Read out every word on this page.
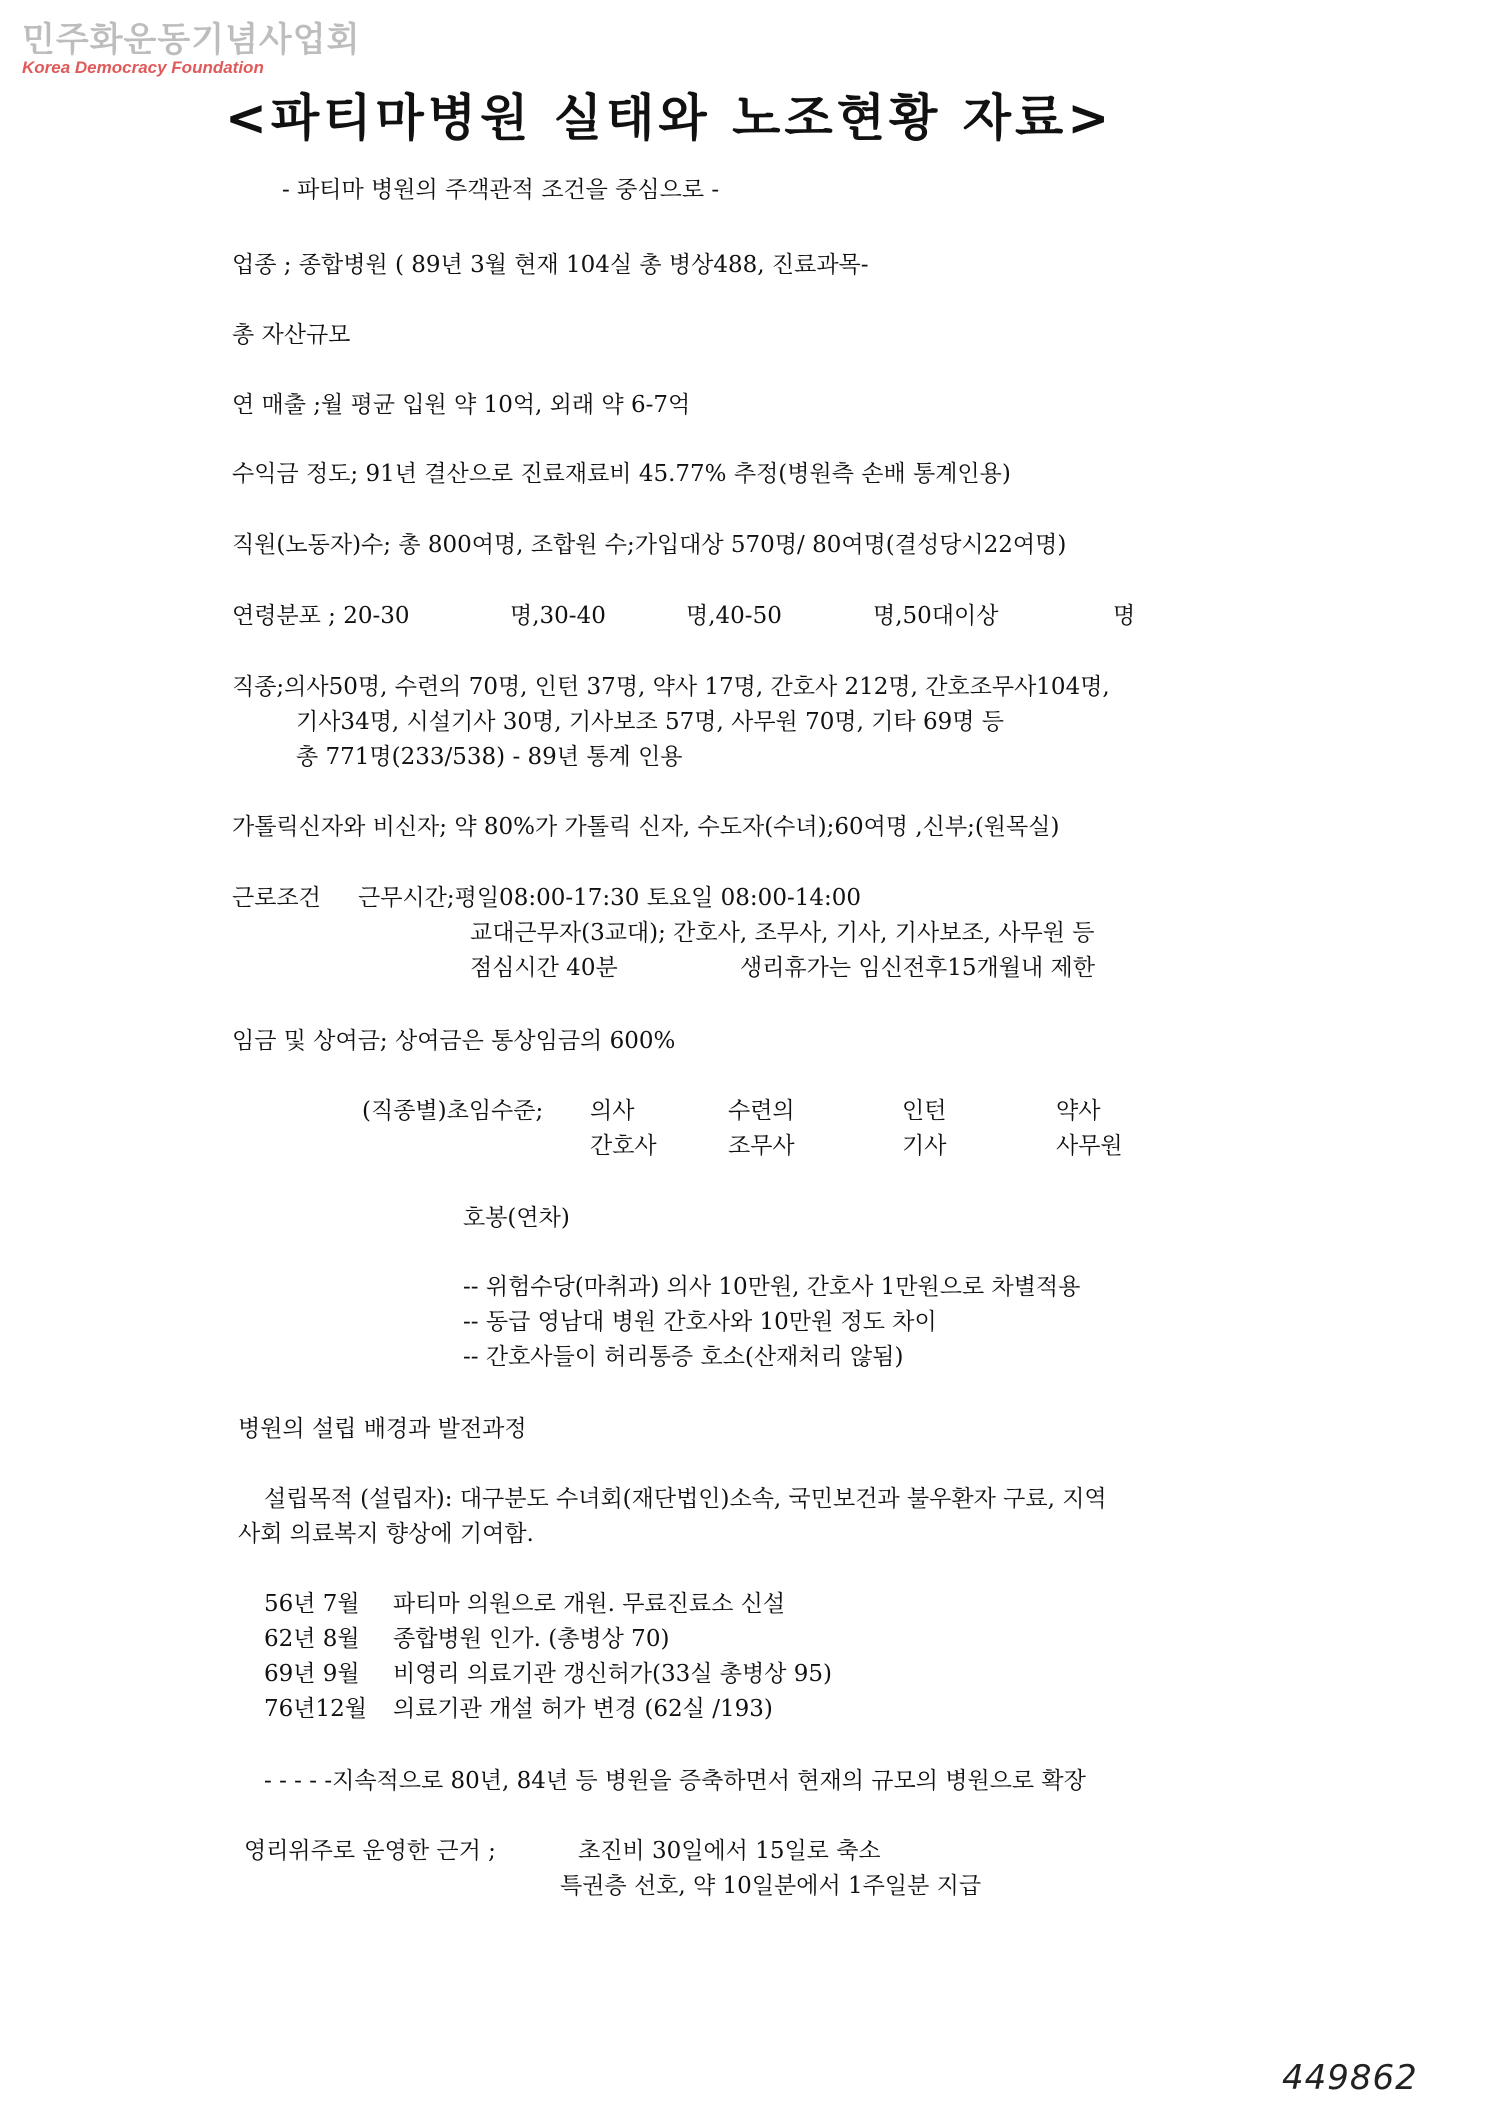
민주화운동기념사업회
Korea Democracy Foundation
<파티마병원 실태와 노조현황 자료>
- 파티마 병원의 주객관적 조건을 중심으로 -
업종 ; 종합병원 ( 89년 3월 현재 104실 총 병상488, 진료과목-
총 자산규모
연 매출 ;월 평균 입원 약 10억, 외래 약 6-7억
수익금 정도; 91년 결산으로 진료재료비 45.77% 추정(병원측 손배 통계인용)
직원(노동자)수; 총 800여명, 조합원 수;가입대상 570명/ 80여명(결성당시22여명)
연령분포 ; 20-30	명,30-40	명,40-50	명,50대이상	명
직종;의사50명, 수련의 70명, 인턴 37명, 약사 17명, 간호사 212명, 간호조무사104명,
기사34명, 시설기사 30명, 기사보조 57명, 사무원 70명, 기타 69명 등
총 771명(233/538) - 89년 통계 인용
가톨릭신자와 비신자; 약 80%가 가톨릭 신자, 수도자(수녀);60여명 ,신부;(원목실)
근로조건 근무시간;평일08:00-17:30 토요일 08:00-14:00
교대근무자(3교대); 간호사, 조무사, 기사, 기사보조, 사무원 등
점심시간 40분	생리휴가는 임신전후15개월내 제한
임금 및 상여금; 상여금은 통상임금의 600%
(직종별)초임수준; 의사	수련의	인턴	약사
간호사	조무사	기사	사무원
호봉(연차)
-- 위험수당(마취과) 의사 10만원, 간호사 1만원으로 차별적용
-- 동급 영남대 병원 간호사와 10만원 정도 차이
-- 간호사들이 허리통증 호소(산재처리 않됨)
병원의 설립 배경과 발전과정
설립목적 (설립자): 대구분도 수녀회(재단법인)소속, 국민보건과 불우환자 구료, 지역
사회 의료복지 향상에 기여함.
56년 7월 파티마 의원으로 개원. 무료진료소 신설
62년 8월 종합병원 인가. (총병상 70)
69년 9월 비영리 의료기관 갱신허가(33실 총병상 95)
76년12월 의료기관 개설 허가 변경 (62실 /193)
- - - - -지속적으로 80년, 84년 등 병원을 증축하면서 현재의 규모의 병원으로 확장
영리위주로 운영한 근거 ;	초진비 30일에서 15일로 축소
특권층 선호, 약 10일분에서 1주일분 지급
449862
